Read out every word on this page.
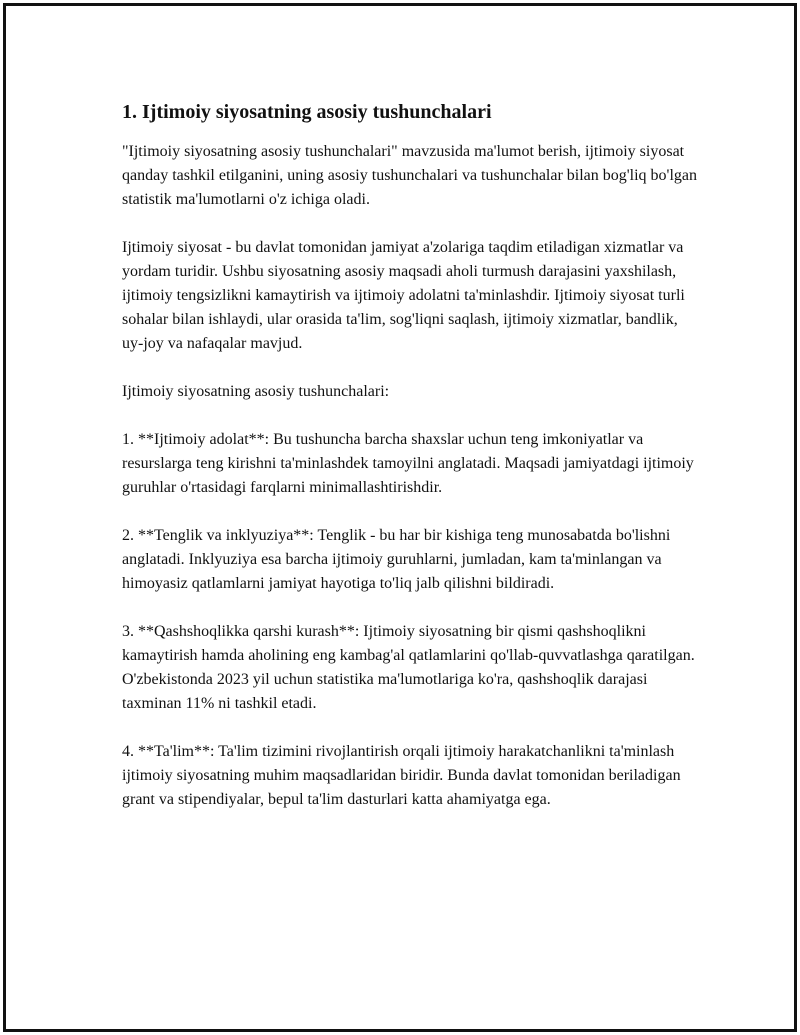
1. Ijtimoiy siyosatning asosiy tushunchalari

"Ijtimoiy siyosatning asosiy tushunchalari" mavzusida ma'lumot berish, ijtimoiy siyosat qanday tashkil etilganini, uning asosiy tushunchalari va tushunchalar bilan bog'liq bo'lgan statistik ma'lumotlarni o'z ichiga oladi.

Ijtimoiy siyosat - bu davlat tomonidan jamiyat a'zolariga taqdim etiladigan xizmatlar va yordam turidir. Ushbu siyosatning asosiy maqsadi aholi turmush darajasini yaxshilash, ijtimoiy tengsizlikni kamaytirish va ijtimoiy adolatni ta'minlashdir. Ijtimoiy siyosat turli sohalar bilan ishlaydi, ular orasida ta'lim, sog'liqni saqlash, ijtimoiy xizmatlar, bandlik, uy-joy va nafaqalar mavjud.

Ijtimoiy siyosatning asosiy tushunchalari:

1. **Ijtimoiy adolat**: Bu tushuncha barcha shaxslar uchun teng imkoniyatlar va resurslarga teng kirishni ta'minlashdek tamoyilni anglatadi. Maqsadi jamiyatdagi ijtimoiy guruhlar o'rtasidagi farqlarni minimallashtirishdir.

2. **Tenglik va inklyuziya**: Tenglik - bu har bir kishiga teng munosabatda bo'lishni anglatadi. Inklyuziya esa barcha ijtimoiy guruhlarni, jumladan, kam ta'minlangan va himoyasiz qatlamlarni jamiyat hayotiga to'liq jalb qilishni bildiradi.

3. **Qashshoqlikka qarshi kurash**: Ijtimoiy siyosatning bir qismi qashshoqlikni kamaytirish hamda aholining eng kambag'al qatlamlarini qo'llab-quvvatlashga qaratilgan. O'zbekistonda 2023 yil uchun statistika ma'lumotlariga ko'ra, qashshoqlik darajasi taxminan 11% ni tashkil etadi.

4. **Ta'lim**: Ta'lim tizimini rivojlantirish orqali ijtimoiy harakatchanlikni ta'minlash ijtimoiy siyosatning muhim maqsadlaridan biridir. Bunda davlat tomonidan beriladigan grant va stipendiyalar, bepul ta'lim dasturlari katta ahamiyatga ega.
